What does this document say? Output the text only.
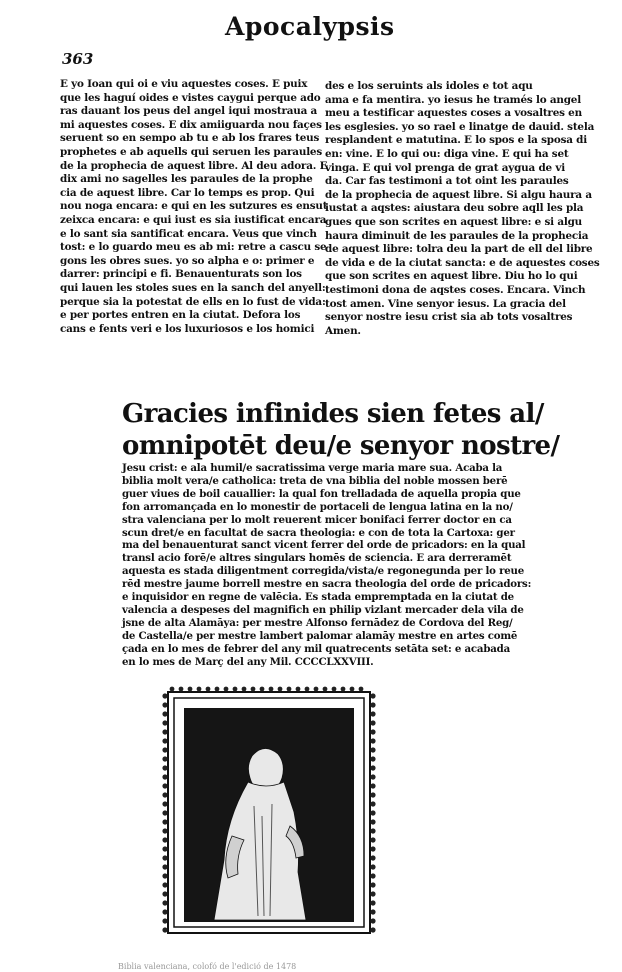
363
Apocalypsis
E yo Ioan qui oi e viu aquestes coses. E puix
que les haguí oides e vistes caygui perque ado
ras dauant los peus del angel iqui mostraua a
mi aquestes coses. E dix amiiguarda nou façes
seruent so en sempo ab tu e ab los frares teus
prophetes e ab aquells qui seruen les paraules
de la prophecia de aquest libre. Al deu adora. E
dix ami no sagelles les paraules de la prophe
cia de aquest libre. Car lo temps es prop. Qui
nou noga encara: e qui en les sutzures es ensut
zeixca encara: e qui iust es sia iustificat encara
e lo sant sia santificat encara. Veus que vinch
tost: e lo guardo meu es ab mi: retre a cascu se
gons les obres sues. yo so alpha e o: primer e
darrer: principi e fi. Benauenturats son los
qui lauen les stoles sues en la sanch del anyell:
perque sia la potestat de ells en lo fust de vida:
e per portes entren en la ciutat. Defora los
cans e fents veri e los luxuriosos e los homici
des e los seruints als idoles e tot aqu
ama e fa mentira. yo iesus he tramés lo angel
meu a testificar aquestes coses a vosaltres en
les esglesies. yo so rael e linatge de dauid. stela
resplandent e matutina. E lo spos e la sposa di
en: vine. E lo qui ou: diga vine. E qui ha set
vinga. E qui vol prenga de grat aygua de vi
da. Car fas testimoni a tot oint les paraules
de la prophecia de aquest libre. Si algu haura a
iustat a aqstes: aiustara deu sobre aqll les pla
gues que son scrites en aquest libre: e si algu
haura diminuit de les paraules de la prophecia
de aquest libre: tolra deu la part de ell del libre
de vida e de la ciutat sancta: e de aquestes coses
que son scrites en aquest libre. Diu ho lo qui
testimoni dona de aqstes coses. Encara. Vinch
tost amen. Vine senyor iesus. La gracia del
senyor nostre iesu crist sia ab tots vosaltres
Amen.
Gracies infinides sien fetes al/
omnipotēt deu/e senyor nostre/
Jesu crist: e ala humil/e sacratissima verge maria mare sua. Acaba la
biblia molt vera/e catholica: treta de vna biblia del noble mossen berē
guer viues de boil cauallier: la qual fon trelladada de aquella propia que
fon arromançada en lo monestir de portaceli de lengua latina en la no/
stra valenciana per lo molt reuerent micer bonifaci ferrer doctor en ca
scun dret/e en facultat de sacra theologia: e con de tota la Cartoxa: ger
ma del benauenturat sanct vicent ferrer del orde de pricadors: en la qual
transl acio forē/e altres singulars homēs de sciencia. E ara derreramēt
aquesta es stada diligentment corregida/vista/e regonegunda per lo reue
rēd mestre jaume borrell mestre en sacra theologia del orde de pricadors:
e inquisidor en regne de valēcia. Es stada empremptada en la ciutat de
valencia a despeses del magnifich en philip vizlant mercader dela vila de
jsne de alta Alamāya: per mestre Alfonso fernādez de Cordova del Reg/
de Castella/e per mestre lambert palomar alamāy mestre en artes comē
çada en lo mes de febrer del any mil quatrecents setāta set: e acabada
en lo mes de Març del any Mil. CCCCLXXVIII.
Biblia valenciana, colofó de l'edició de 1478
